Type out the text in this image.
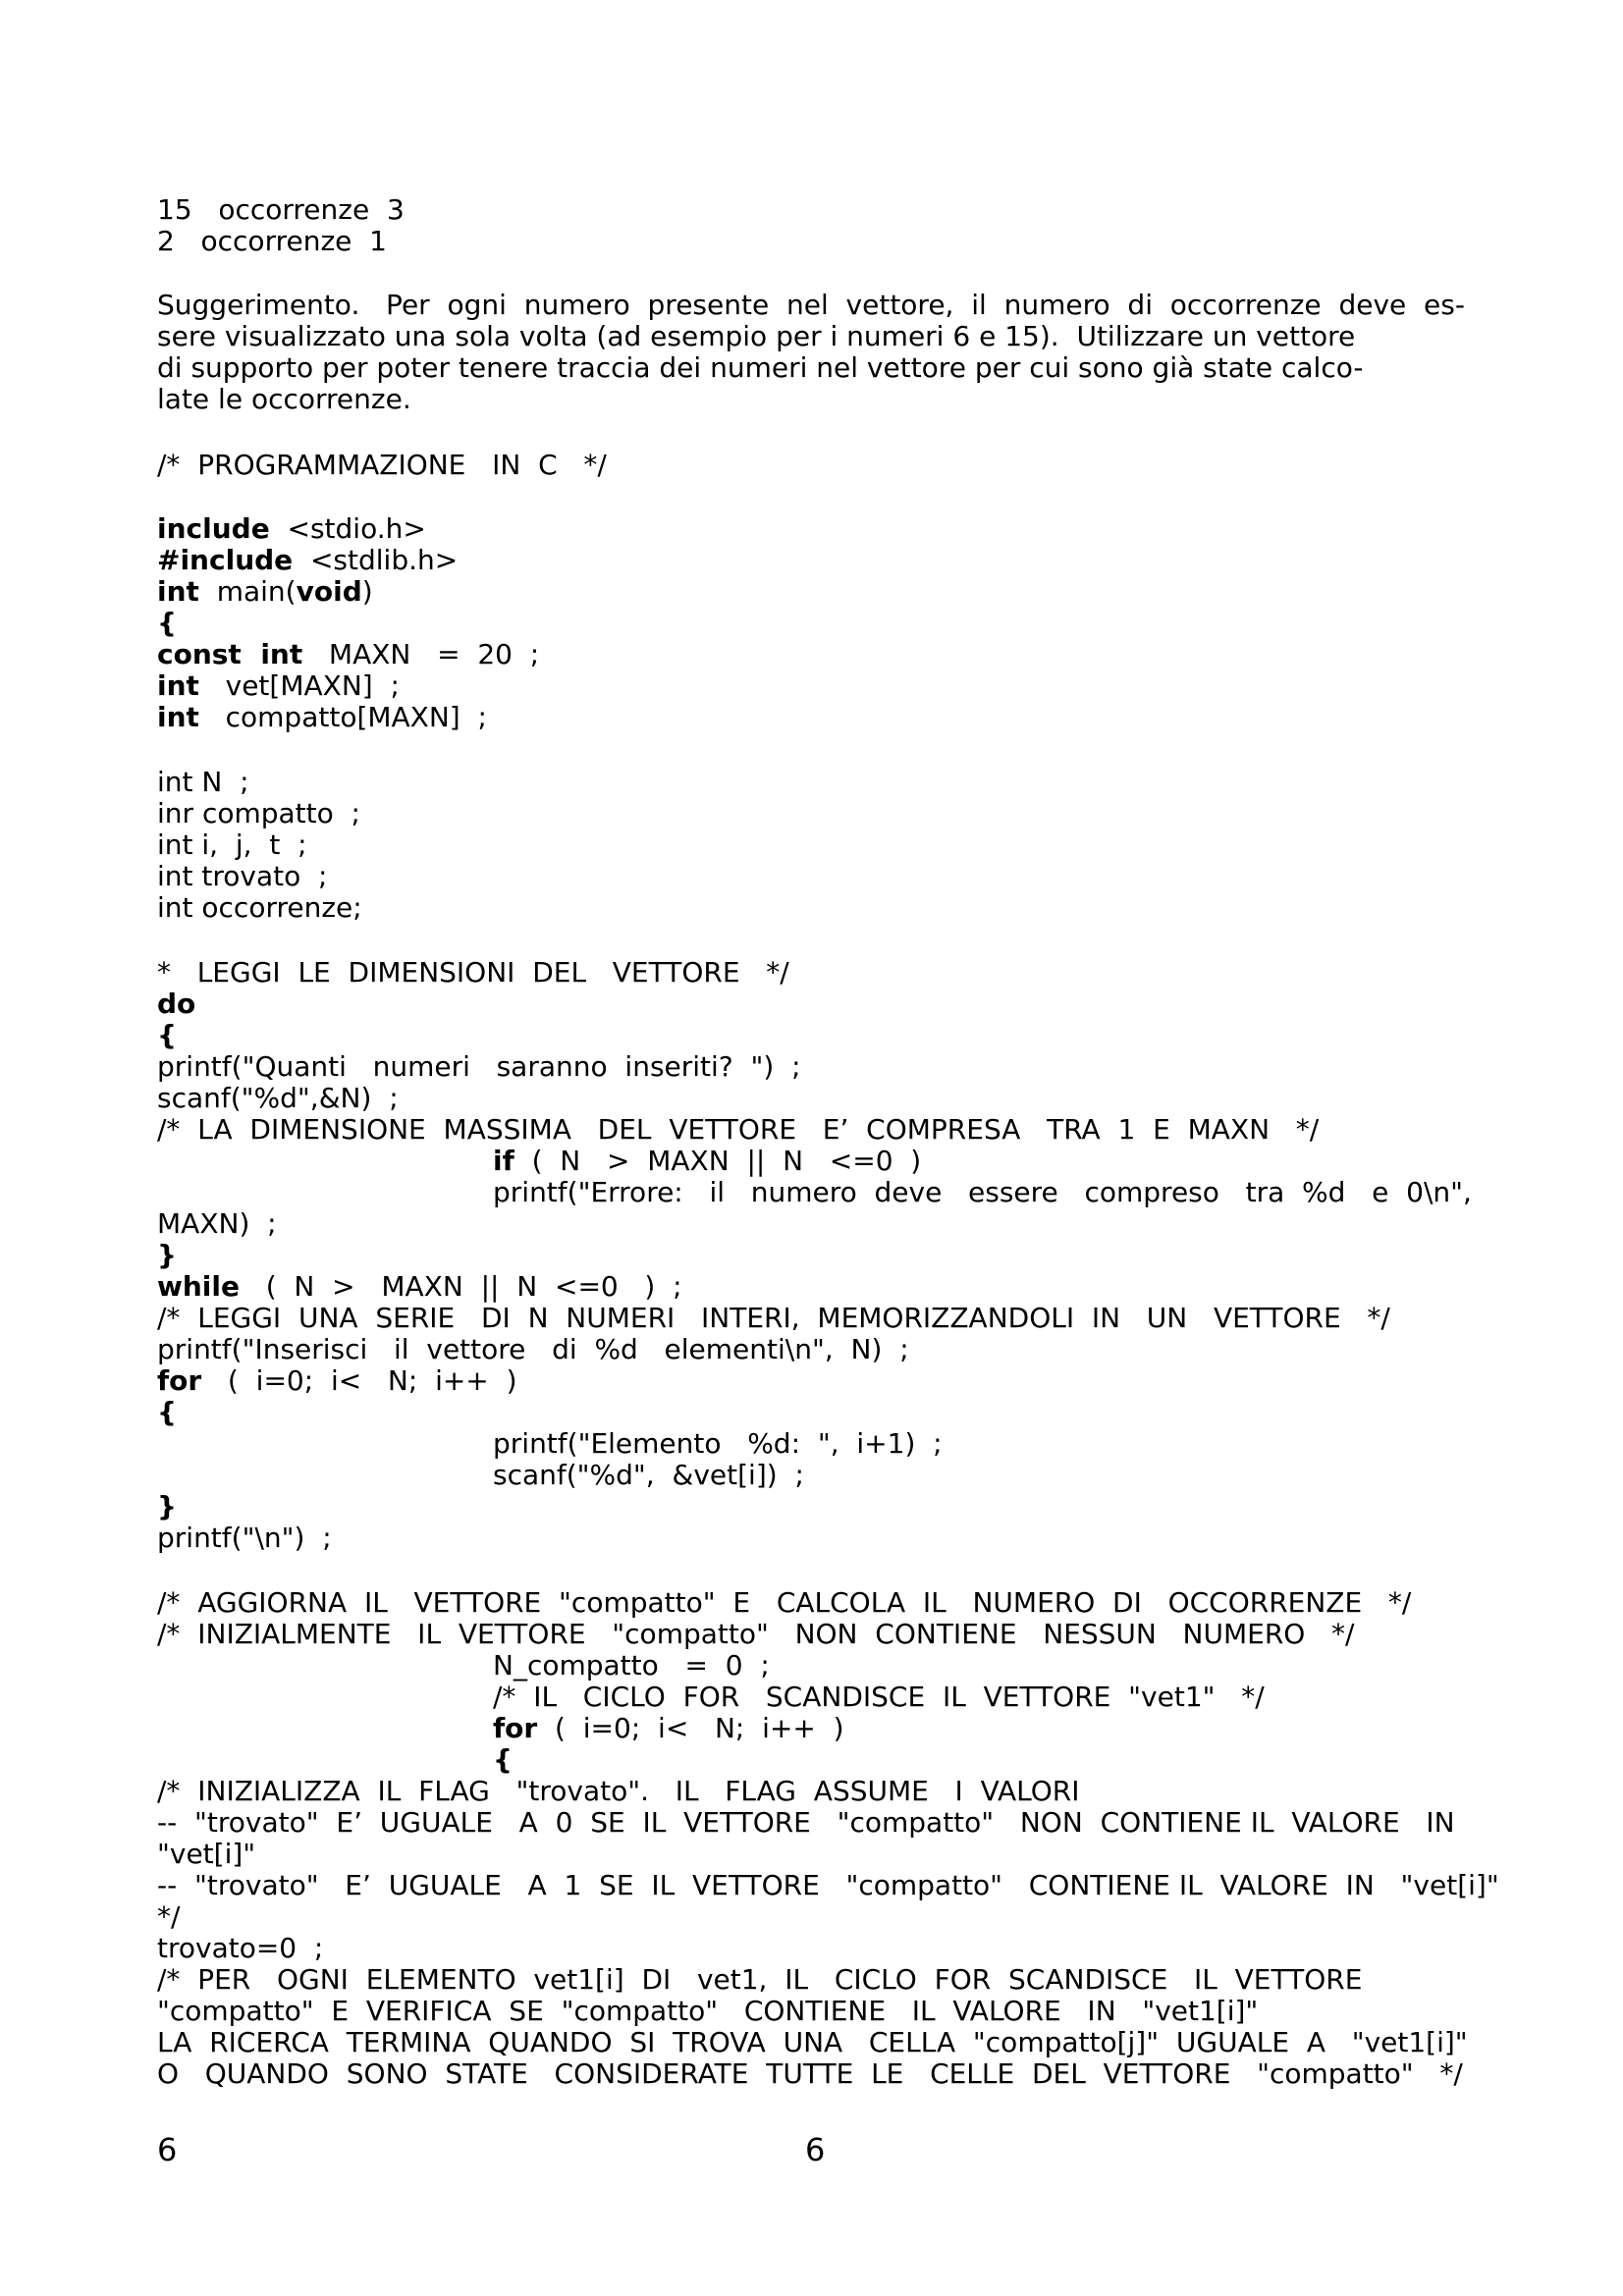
15   occorrenze  3

2   occorrenze  1

Suggerimento.   Per  ogni  numero  presente  nel  vettore,  il  numero  di  occorrenze  deve  es-

sere visualizzato una sola volta (ad esempio per i numeri 6 e 15).  Utilizzare un vettore

di supporto per poter tenere traccia dei numeri nel vettore per cui sono già state calco-

late le occorrenze.

/*  PROGRAMMAZIONE   IN  C   */

include  <stdio.h>

#include  <stdlib.h>

int  main(void)

{

const  int   MAXN   =  20  ;

int   vet[MAXN]  ;

int   compatto[MAXN]  ;

int N  ;

inr compatto  ;

int i,  j,  t  ;

int trovato  ;

int occorrenze;

*   LEGGI  LE  DIMENSIONI  DEL   VETTORE   */

do

{

printf("Quanti   numeri   saranno  inseriti?  ")  ;

scanf("%d",&N)  ;

/*  LA  DIMENSIONE  MASSIMA   DEL  VETTORE   E’  COMPRESA   TRA  1  E  MAXN   */

if  (  N   >  MAXN  ||  N   <=0  )

printf("Errore:   il   numero  deve   essere   compreso   tra  %d   e  0\n",

MAXN)  ;

}

while   (  N  >   MAXN  ||  N  <=0   )  ;

/*  LEGGI  UNA  SERIE   DI  N  NUMERI   INTERI,  MEMORIZZANDOLI  IN   UN   VETTORE   */

printf("Inserisci   il  vettore   di  %d   elementi\n",  N)  ;

for   (  i=0;  i<   N;  i++  )

{

printf("Elemento   %d:  ",  i+1)  ;

scanf("%d",  &vet[i])  ;

}

printf("\n")  ;

/*  AGGIORNA  IL   VETTORE  "compatto"  E   CALCOLA  IL   NUMERO  DI   OCCORRENZE   */

/*  INIZIALMENTE   IL  VETTORE   "compatto"   NON  CONTIENE   NESSUN   NUMERO   */

N_compatto   =  0  ;

/*  IL   CICLO  FOR   SCANDISCE  IL  VETTORE  "vet1"   */

for  (  i=0;  i<   N;  i++  )

{

/*  INIZIALIZZA  IL  FLAG   "trovato".   IL   FLAG  ASSUME   I  VALORI

--  "trovato"  E’  UGUALE   A  0  SE  IL  VETTORE   "compatto"   NON  CONTIENE IL  VALORE   IN

"vet[i]"

--  "trovato"   E’  UGUALE   A  1  SE  IL  VETTORE   "compatto"   CONTIENE IL  VALORE  IN   "vet[i]"

*/

trovato=0  ;

/*  PER   OGNI  ELEMENTO  vet1[i]  DI   vet1,  IL   CICLO  FOR  SCANDISCE   IL  VETTORE

"compatto"  E  VERIFICA  SE  "compatto"   CONTIENE   IL  VALORE   IN   "vet1[i]"

LA  RICERCA  TERMINA  QUANDO  SI  TROVA  UNA   CELLA  "compatto[j]"  UGUALE  A   "vet1[i]"

O   QUANDO  SONO  STATE   CONSIDERATE  TUTTE  LE   CELLE  DEL  VETTORE   "compatto"   */

6	6
